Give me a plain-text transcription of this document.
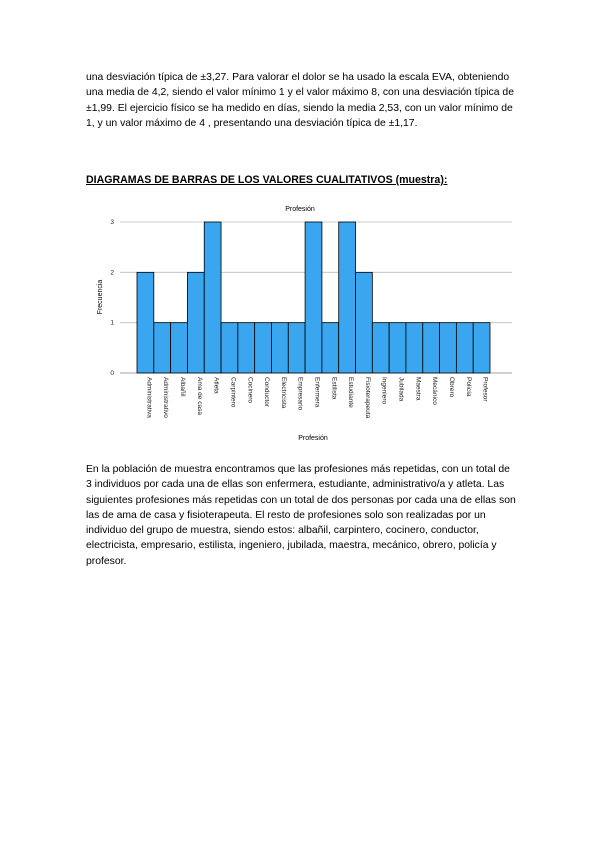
una desviación típica de ±3,27. Para valorar el dolor se ha usado la escala EVA, obteniendo una media de 4,2, siendo el valor mínimo 1 y el valor máximo 8, con una desviación típica de ±1,99. El ejercicio físico se ha medido en días, siendo la media 2,53, con un valor mínimo de 1, y un valor máximo de 4 , presentando una desviación típica de ±1,17.

DIAGRAMAS DE BARRAS DE LOS VALORES CUALITATIVOS (muestra):

Profesión
Frecuencia
Profesión
0
1
2
3
Administrativa Administrativo Albañil Ama de casa Atleta Carpintero Cocinero Conductor Electricista Empresario Enfermera Estilista Estudiante Fisioterapeuta Ingeniero Jubilada Maestra Mecánico Obrero Policía Profesor

En la población de muestra encontramos que las profesiones más repetidas, con un total de 3 individuos por cada una de ellas son enfermera, estudiante, administrativo/a y atleta. Las siguientes profesiones más repetidas con un total de dos personas por cada una de ellas son las de ama de casa y fisioterapeuta. El resto de profesiones solo son realizadas por un individuo del grupo de muestra, siendo estos: albañil, carpintero, cocinero, conductor, electricista, empresario, estilista, ingeniero, jubilada, maestra, mecánico, obrero, policía y profesor.
